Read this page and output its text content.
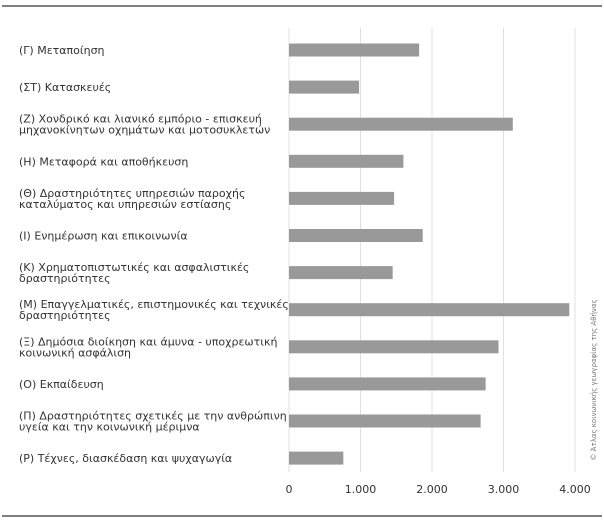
(Γ) Μεταποίηση
(ΣΤ) Κατασκευές
(Ζ) Χονδρικό και λιανικό εμπόριο - επισκευή μηχανοκίνητων οχημάτων και μοτοσυκλετών
(Η) Μεταφορά και αποθήκευση
(Θ) Δραστηριότητες υπηρεσιών παροχής καταλύματος και υπηρεσιών εστίασης
(Ι) Ενημέρωση και επικοινωνία
(Κ) Χρηματοπιστωτικές και ασφαλιστικές δραστηριότητες
(Μ) Επαγγελματικές, επιστημονικές και τεχνικές δραστηριότητες
(Ξ) Δημόσια διοίκηση και άμυνα - υποχρεωτική κοινωνική ασφάλιση
(Ο) Εκπαίδευση
(Π) Δραστηριότητες σχετικές με την ανθρώπινη υγεία και την κοινωνική μέριμνα
(Ρ) Τέχνες, διασκέδαση και ψυχαγωγία
0	1.000	2.000	3.000	4.000
© Άτλας κοινωνικής γεωγραφίας της Αθήνας
